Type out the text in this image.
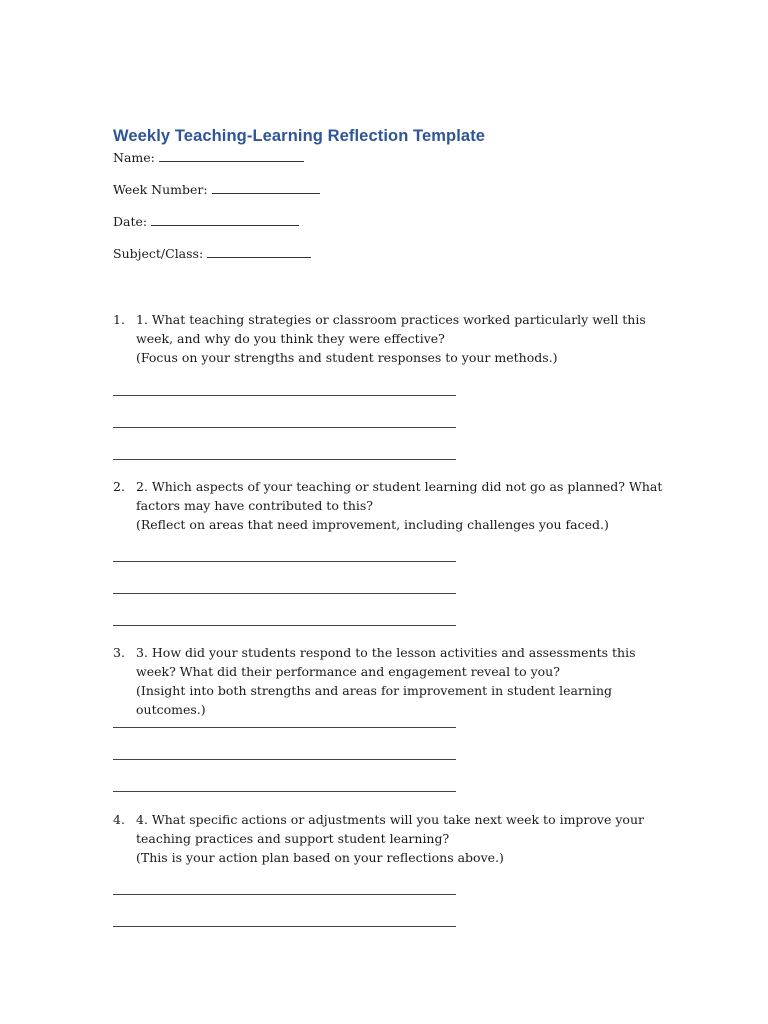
Weekly Teaching-Learning Reflection Template
Name:
Week Number:
Date:
Subject/Class:
1. 1. What teaching strategies or classroom practices worked particularly well this week, and why do you think they were effective?

(Focus on your strengths and student responses to your methods.)

2. 2. Which aspects of your teaching or student learning did not go as planned? What factors may have contributed to this?

(Reflect on areas that need improvement, including challenges you faced.)

3. 3. How did your students respond to the lesson activities and assessments this week? What did their performance and engagement reveal to you?

(Insight into both strengths and areas for improvement in student learning outcomes.)

4. 4. What specific actions or adjustments will you take next week to improve your teaching practices and support student learning?

(This is your action plan based on your reflections above.)
